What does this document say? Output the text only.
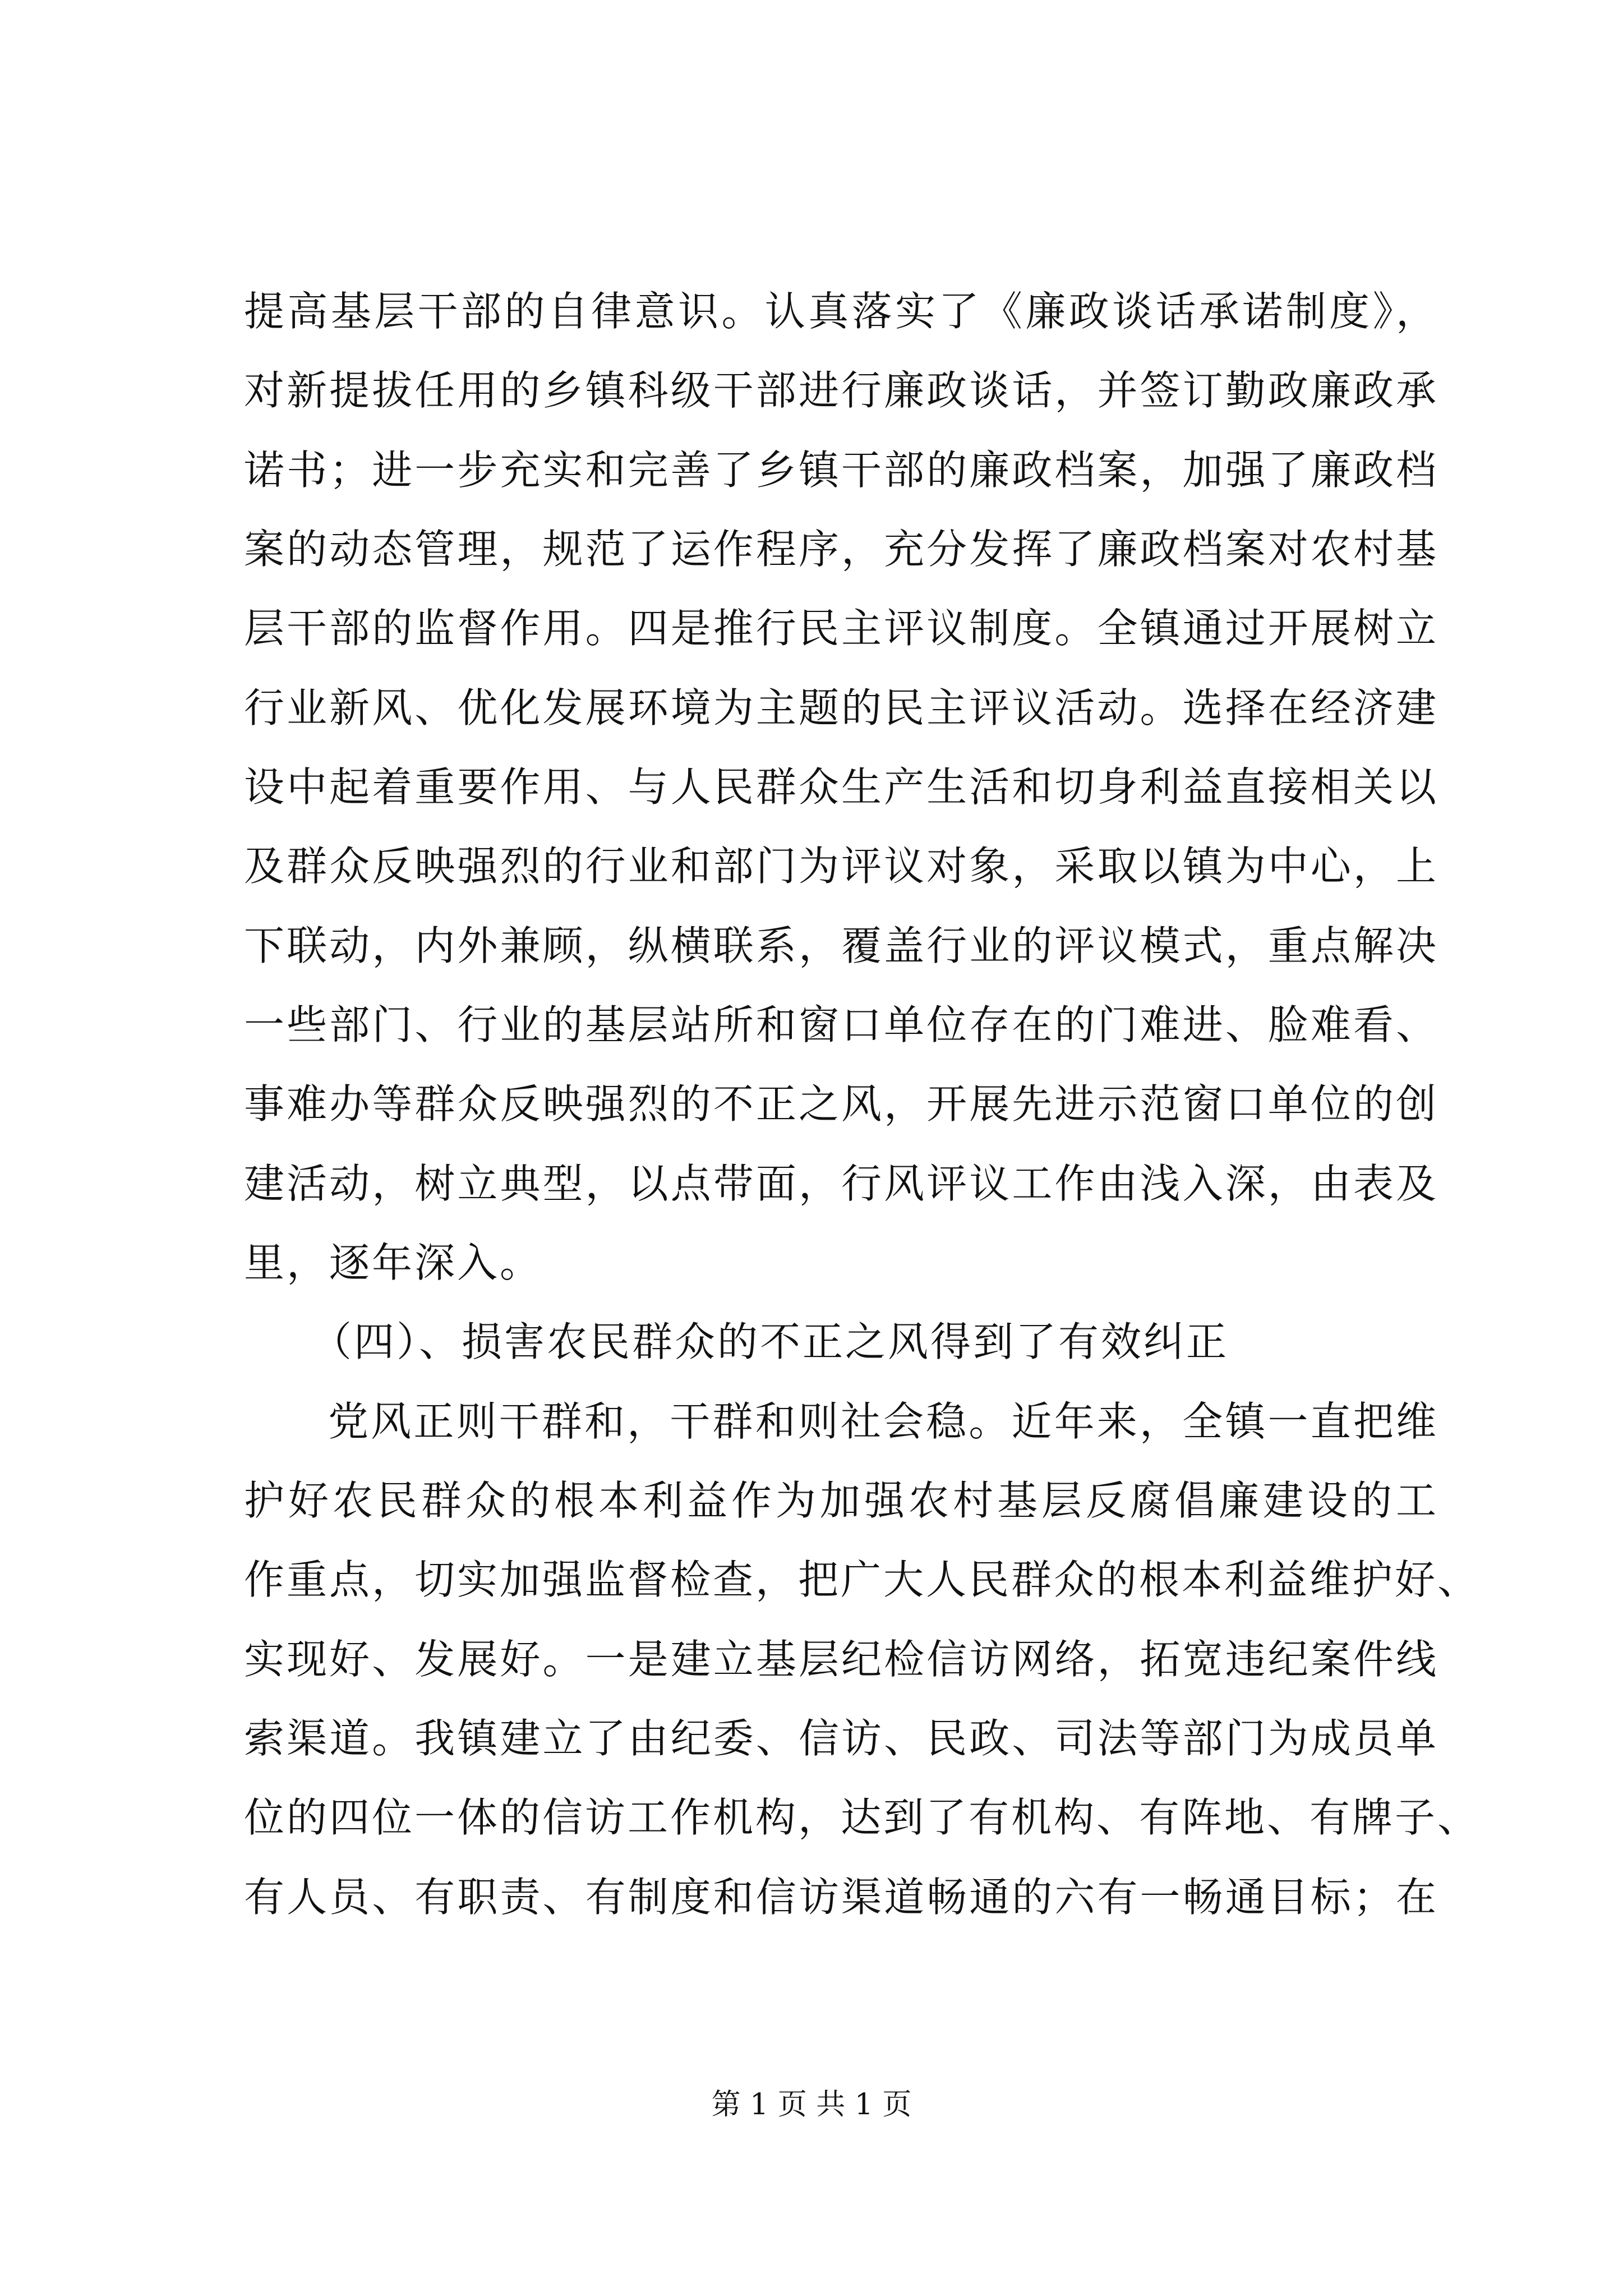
提高基层干部的自律意识。认真落实了《廉政谈话承诺制度》，
对新提拔任用的乡镇科级干部进行廉政谈话，并签订勤政廉政承
诺书；进一步充实和完善了乡镇干部的廉政档案，加强了廉政档
案的动态管理，规范了运作程序，充分发挥了廉政档案对农村基
层干部的监督作用。四是推行民主评议制度。全镇通过开展树立
行业新风、优化发展环境为主题的民主评议活动。选择在经济建
设中起着重要作用、与人民群众生产生活和切身利益直接相关以
及群众反映强烈的行业和部门为评议对象，采取以镇为中心，上
下联动，内外兼顾，纵横联系，覆盖行业的评议模式，重点解决
一些部门、行业的基层站所和窗口单位存在的门难进、脸难看、
事难办等群众反映强烈的不正之风，开展先进示范窗口单位的创
建活动，树立典型，以点带面，行风评议工作由浅入深，由表及
里，逐年深入。
（四）、损害农民群众的不正之风得到了有效纠正
党风正则干群和，干群和则社会稳。近年来，全镇一直把维
护好农民群众的根本利益作为加强农村基层反腐倡廉建设的工
作重点，切实加强监督检查，把广大人民群众的根本利益维护好、
实现好、发展好。一是建立基层纪检信访网络，拓宽违纪案件线
索渠道。我镇建立了由纪委、信访、民政、司法等部门为成员单
位的四位一体的信访工作机构，达到了有机构、有阵地、有牌子、
有人员、有职责、有制度和信访渠道畅通的六有一畅通目标；在
第 1 页 共 1 页
